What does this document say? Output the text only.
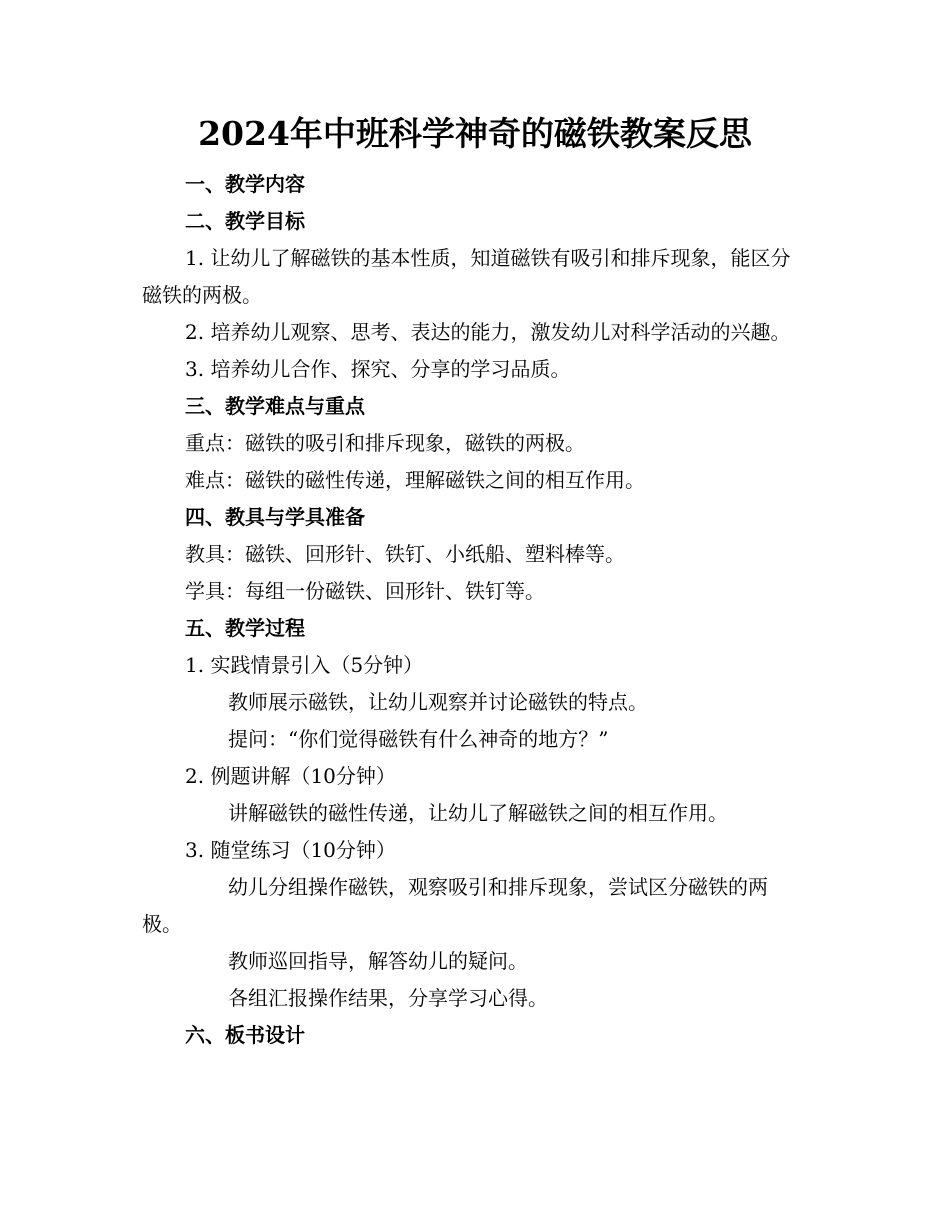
2024年中班科学神奇的磁铁教案反思

一、教学内容

二、教学目标

1. 让幼儿了解磁铁的基本性质，知道磁铁有吸引和排斥现象，能区分磁铁的两极。

2. 培养幼儿观察、思考、表达的能力，激发幼儿对科学活动的兴趣。

3. 培养幼儿合作、探究、分享的学习品质。

三、教学难点与重点

重点：磁铁的吸引和排斥现象，磁铁的两极。

难点：磁铁的磁性传递，理解磁铁之间的相互作用。

四、教具与学具准备

教具：磁铁、回形针、铁钉、小纸船、塑料棒等。

学具：每组一份磁铁、回形针、铁钉等。

五、教学过程

1. 实践情景引入（5分钟）

教师展示磁铁，让幼儿观察并讨论磁铁的特点。

提问：“你们觉得磁铁有什么神奇的地方？”

2. 例题讲解（10分钟）

讲解磁铁的磁性传递，让幼儿了解磁铁之间的相互作用。

3. 随堂练习（10分钟）

幼儿分组操作磁铁，观察吸引和排斥现象，尝试区分磁铁的两极。

教师巡回指导，解答幼儿的疑问。

各组汇报操作结果，分享学习心得。

六、板书设计
